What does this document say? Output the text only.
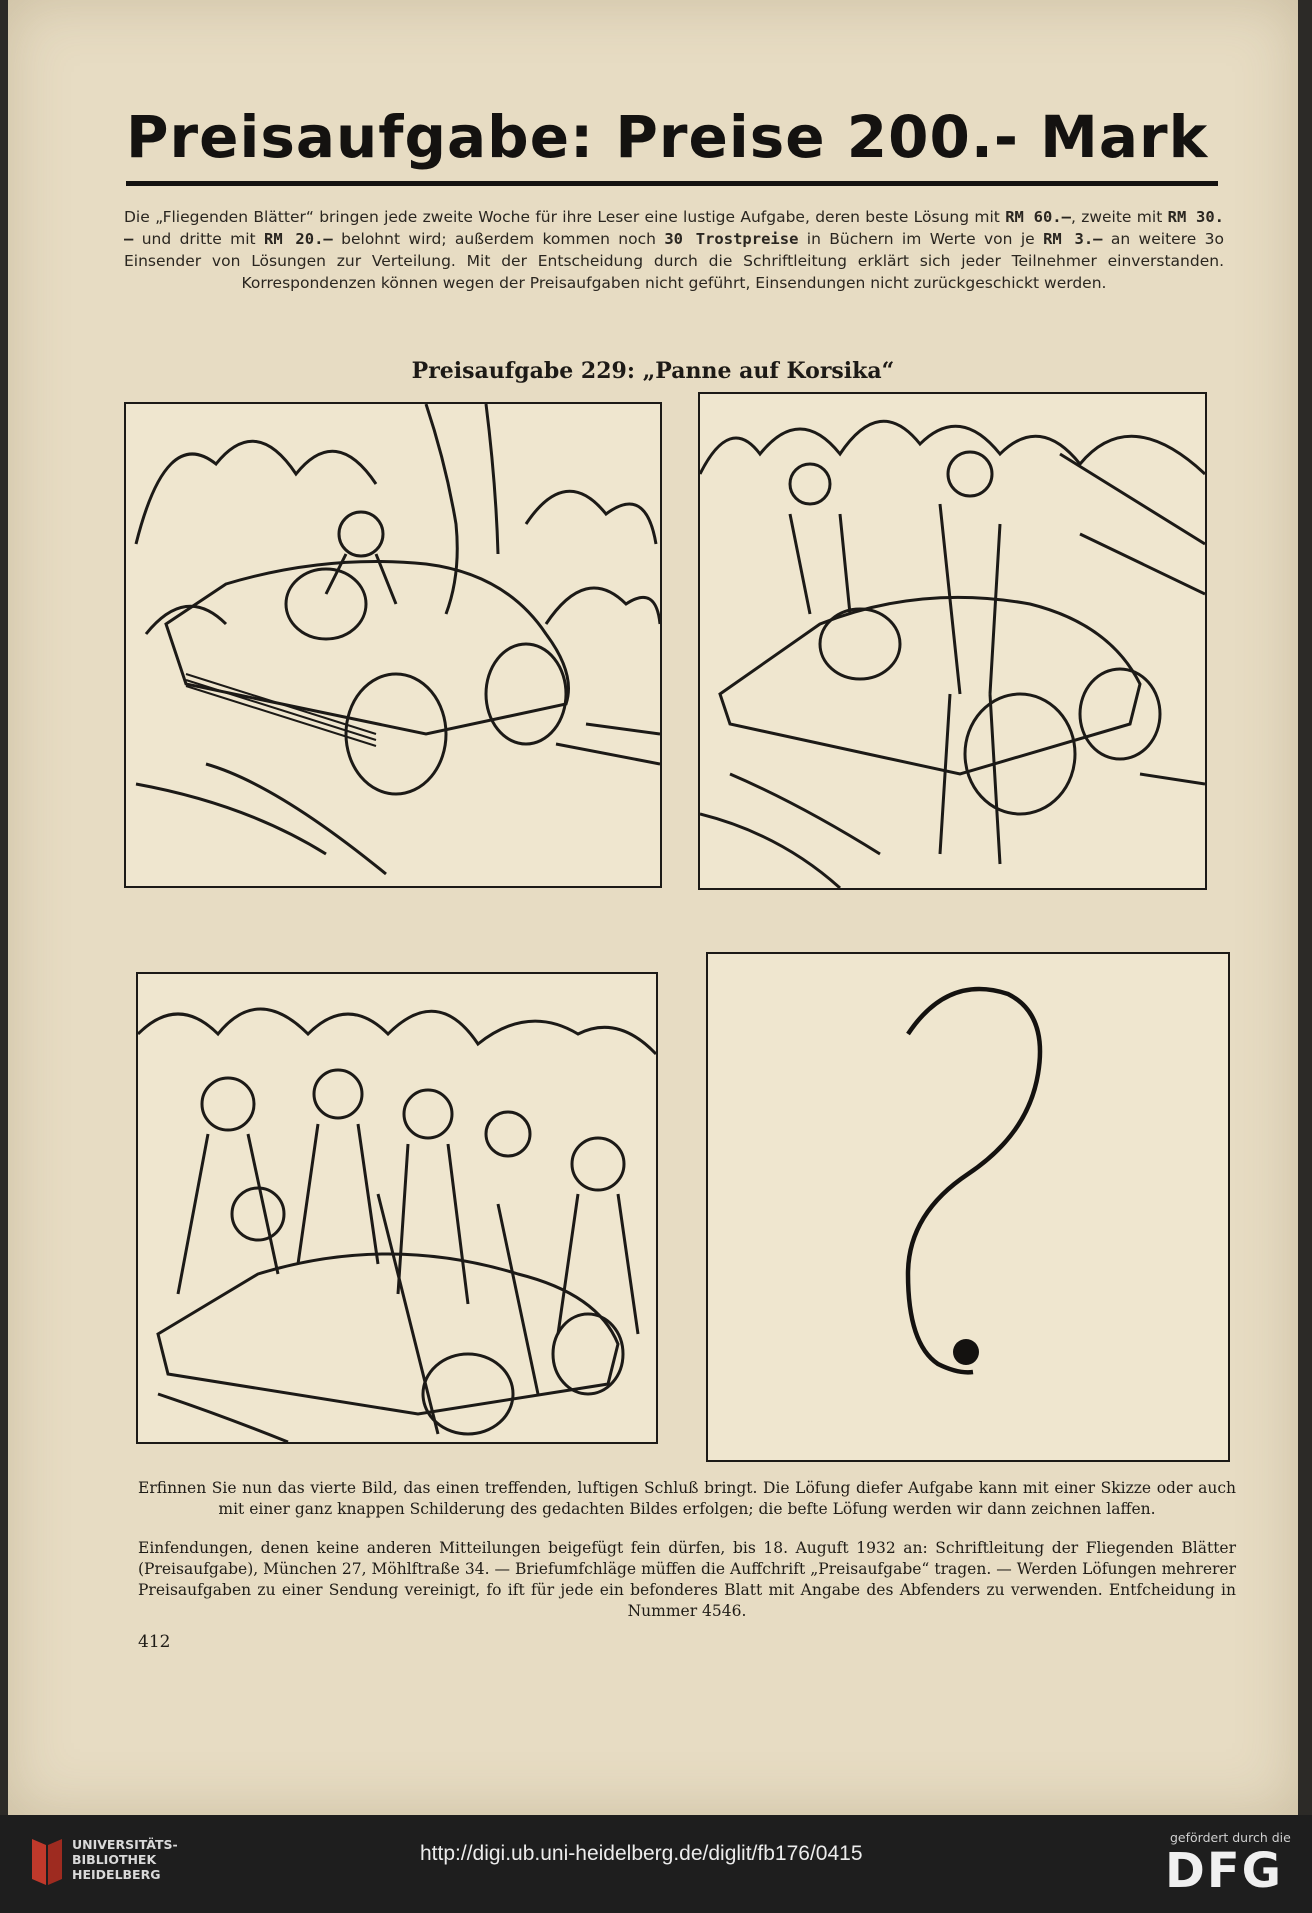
Preisaufgabe: Preise 200.- Mark
Die „Fliegenden Blätter“ bringen jede zweite Woche für ihre Leser eine lustige Aufgabe, deren beste Lösung mit RM 60.—, zweite mit RM 30.— und dritte mit RM 20.— belohnt wird; außerdem kommen noch 30 Trostpreise in Büchern im Werte von je RM 3.— an weitere 3o Einsender von Lösungen zur Verteilung. Mit der Entscheidung durch die Schriftleitung erklärt sich jeder Teilnehmer einverstanden. Korrespondenzen können wegen der Preisaufgaben nicht geführt, Einsendungen nicht zurückgeschickt werden.
Preisaufgabe 229: „Panne auf Korsika“
?
Erfinnen Sie nun das vierte Bild, das einen treffenden, luftigen Schluß bringt. Die Löfung diefer Aufgabe kann mit einer Skizze oder auch mit einer ganz knappen Schilderung des gedachten Bildes erfolgen; die befte Löfung werden wir dann zeichnen laffen.
Einfendungen, denen keine anderen Mitteilungen beigefügt fein dürfen, bis 18. Auguft 1932 an: Schriftleitung der Fliegenden Blätter (Preisaufgabe), München 27, Möhlftraße 34. — Briefumfchläge müffen die Auffchrift „Preisaufgabe“ tragen. — Werden Löfungen mehrerer Preisaufgaben zu einer Sendung vereinigt, fo ift für jede ein befonderes Blatt mit Angabe des Abfenders zu verwenden. Entfcheidung in Nummer 4546.
412
UNIVERSITÄTS-
BIBLIOTHEK
HEIDELBERG
http://digi.ub.uni-heidelberg.de/diglit/fb176/0415
gefördert durch die
DFG
